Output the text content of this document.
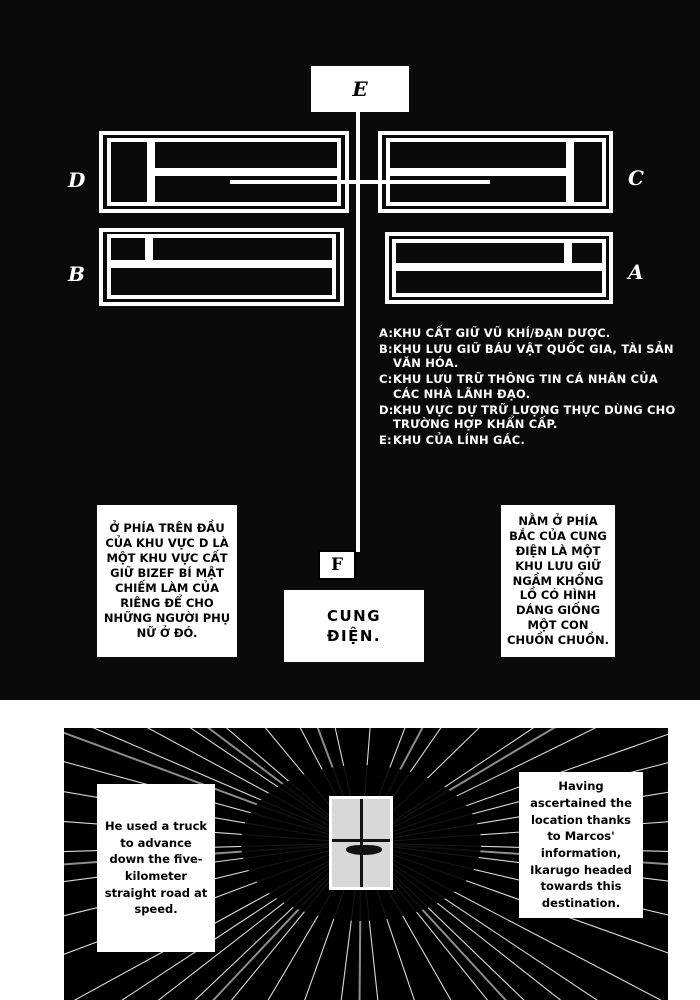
E
D	C
B	A
A: KHU CẤT GIỮ VŨ KHÍ/ĐẠN DƯỢC.
B: KHU LƯU GIỮ BÁU VẬT QUỐC GIA, TÀI SẢN VĂN HÓA.
C: KHU LƯU TRỮ THÔNG TIN CÁ NHÂN CỦA CÁC NHÀ LÃNH ĐẠO.
D: KHU VỰC DỰ TRỮ LƯỢNG THỰC DÙNG CHO TRƯỜNG HỢP KHẨN CẤP.
E: KHU CỦA LÍNH GÁC.
F
CUNG
ĐIỆN.
Ở PHÍA TRÊN ĐẦU CỦA KHU VỰC D LÀ MỘT KHU VỰC CẤT GIỮ BIZEF BÍ MẬT CHIẾM LÀM CỦA RIÊNG ĐỂ CHO NHỮNG NGƯỜI PHỤ NỮ Ở ĐÓ.
NẰM Ở PHÍA BẮC CỦA CUNG ĐIỆN LÀ MỘT KHU LƯU GIỮ NGẦM KHỔNG LỒ CÓ HÌNH DÁNG GIỐNG MỘT CON CHUỒN CHUỒN.
He used a truck to advance down the five-kilometer straight road at speed.
Having ascertained the location thanks to Marcos' information, Ikarugo headed towards this destination.
